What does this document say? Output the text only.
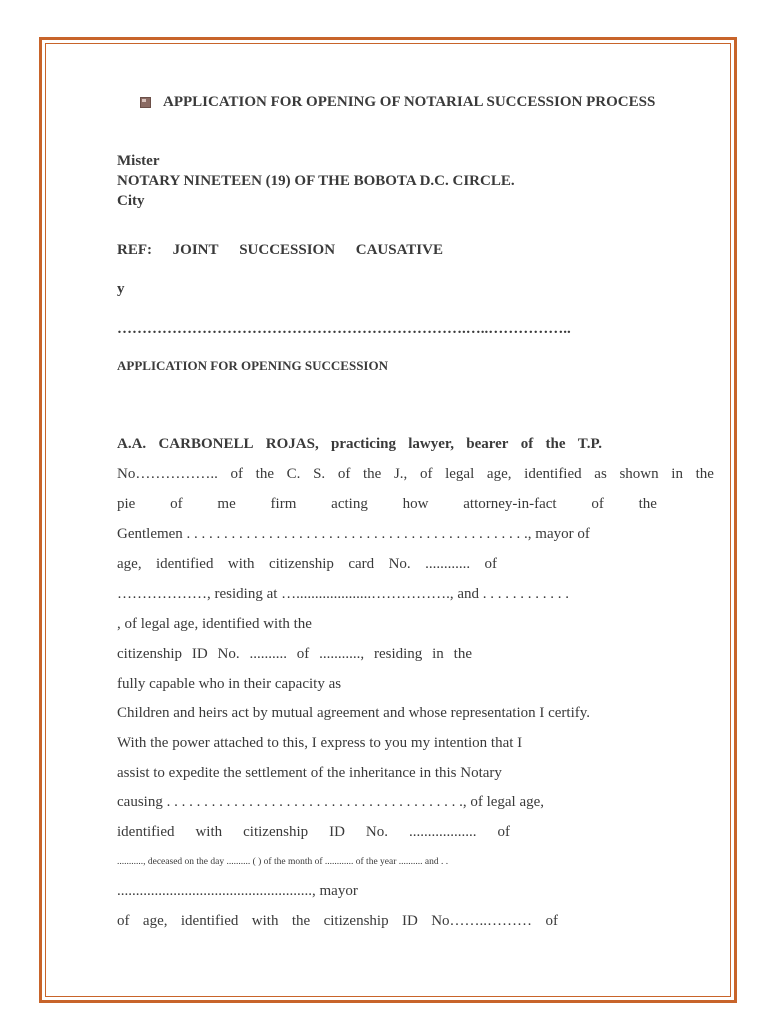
APPLICATION FOR OPENING OF NOTARIAL SUCCESSION PROCESS
Mister
NOTARY NINETEEN (19) OF THE BOBOTA D.C. CIRCLE.
City
REF: JOINT SUCCESSION CAUSATIVE
y
…………………………………………………………….…..……………..
APPLICATION FOR OPENING SUCCESSION
A.A. CARBONELL ROJAS, practicing lawyer, bearer of the T.P.
No…………….. of the C. S. of the J., of legal age, identified as shown in the
pie of me firm acting how attorney-in-fact of the
Gentlemen . . . . . . . . . . . . . . . . . . . . . . . . . . . . . . . . . . . . . . . . . . . . . ., mayor of
age, identified with citizenship card No. ............ of
………………, residing at …....................……………., and . . . . . . . . . . . .
, of legal age, identified with the
citizenship ID No. .......... of ..........., residing in the
fully capable who in their capacity as
Children and heirs act by mutual agreement and whose representation I certify.
With the power attached to this, I express to you my intention that I
assist to expedite the settlement of the inheritance in this Notary
causing . . . . . . . . . . . . . . . . . . . . . . . . . . . . . . . . . . . . . . . ., of legal age,
identified with citizenship ID No. .................. of
..........., deceased on the day .......... ( ) of the month of ............ of the year .......... and . .
...................................................., mayor
of age, identified with the citizenship ID No……..……… of
